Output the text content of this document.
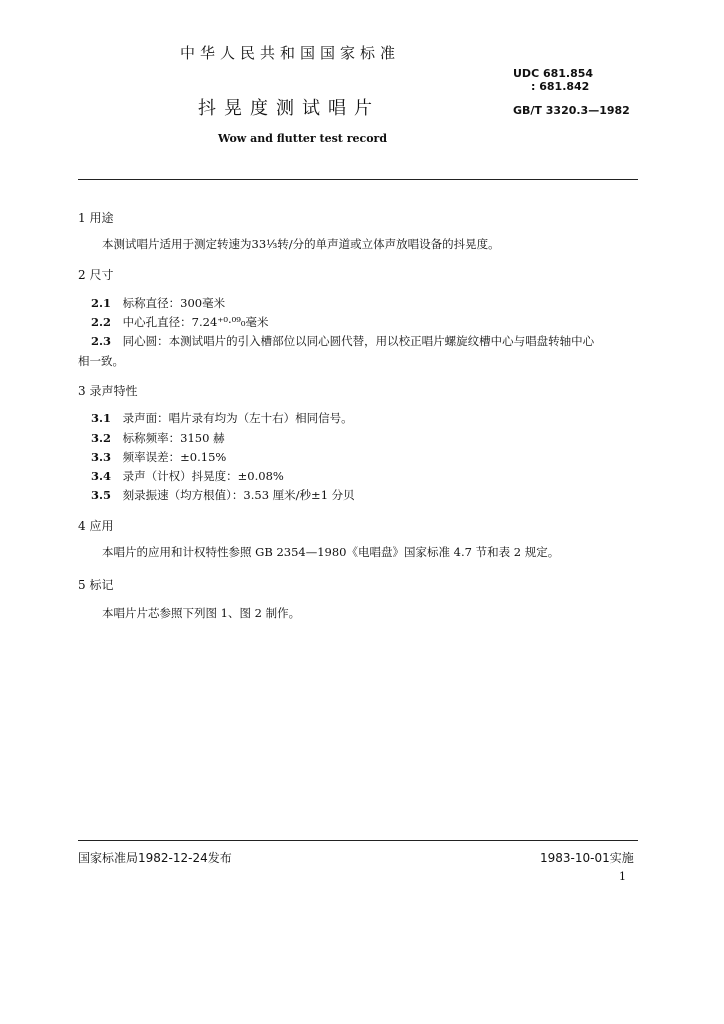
中华人民共和国国家标准
UDC 681.854
: 681.842
抖晃度测试唱片	GB/T 3320.3—1982
Wow and flutter test record
1 用途
本测试唱片适用于测定转速为33⅓转/分的单声道或立体声放唱设备的抖晃度。
2 尺寸
2.1 标称直径：300毫米
2.2 中心孔直径：7.24⁺⁰·⁰⁹₀毫米
2.3 同心圆：本测试唱片的引入槽部位以同心圆代替，用以校正唱片螺旋纹槽中心与唱盘转轴中心
相一致。
3 录声特性
3.1 录声面：唱片录有均为（左十右）相同信号。
3.2 标称频率：3150 赫
3.3 频率误差：±0.15%
3.4 录声（计权）抖晃度：±0.08%
3.5 刻录振速（均方根值）：3.53 厘米/秒±1 分贝
4 应用
本唱片的应用和计权特性参照 GB 2354—1980《电唱盘》国家标准 4.7 节和表 2 规定。
5 标记
本唱片片芯参照下列图 1、图 2 制作。
国家标准局1982-12-24发布	1983-10-01实施
1
